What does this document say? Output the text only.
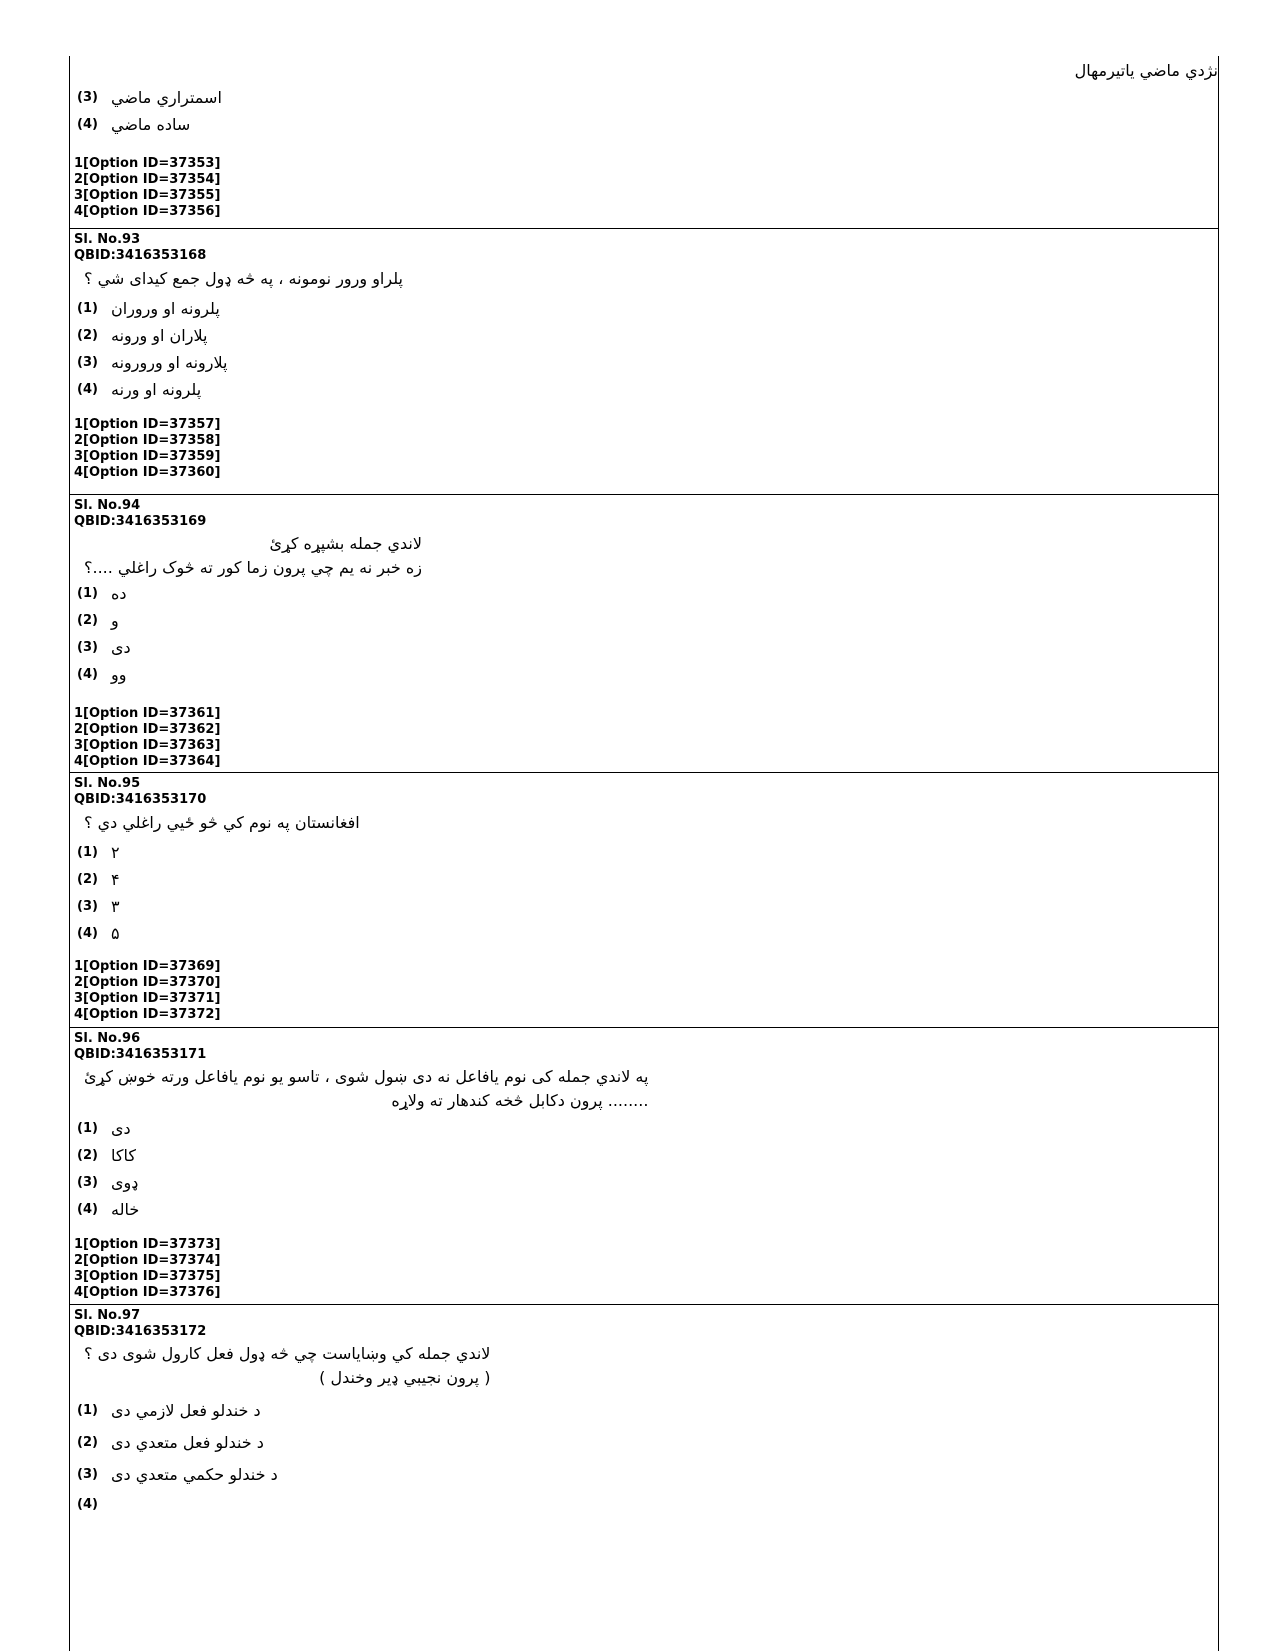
نژدي ماضي یاتیرمهال
(3) اسمتراري ماضي
(4) ساده ماضي
1[Option ID=37353]
2[Option ID=37354]
3[Option ID=37355]
4[Option ID=37356]
Sl. No.93
QBID:3416353168
پلراو ورور نومونه ، په څه ډول جمع کیدای شي ؟
(1) پلرونه او ورو‌ران
(2) پلاران او ورونه
(3) پلارونه او ورورونه
(4) پلرونه او ورنه
1[Option ID=37357]
2[Option ID=37358]
3[Option ID=37359]
4[Option ID=37360]
Sl. No.94
QBID:3416353169
لاندي جمله بشپړه کړئ
زه خبر نه یم چي پرون زما کور ته څوک راغلي ....؟
(1) ده
(2) و
(3) دی
(4) وو
1[Option ID=37361]
2[Option ID=37362]
3[Option ID=37363]
4[Option ID=37364]
Sl. No.95
QBID:3416353170
افغانستان په نوم کي څو ځیي راغلي دي ؟
(1) ۲
(2) ۴
(3) ۳
(4) ۵
1[Option ID=37369]
2[Option ID=37370]
3[Option ID=37371]
4[Option ID=37372]
Sl. No.96
QBID:3416353171
په لاندي جمله کی نوم یافاعل نه دی ښول شوی ، تاسو یو نوم یافاعل ورته خوښ کړئ
........ پرون دکابل څخه کندهار ته ولاړه
(1) دی
(2) کاکا
(3) ډوی
(4) خاله
1[Option ID=37373]
2[Option ID=37374]
3[Option ID=37375]
4[Option ID=37376]
Sl. No.97
QBID:3416353172
لاندي جمله کي وښایاست چي څه ډول فعل کارول شوی دی ؟
( پرون نجیبي ډیر وخندل )
(1) د خندلو فعل لازمي دی
(2) د خندلو فعل متعدي دی
(3) د خندلو حکمي متعدي دی
(4)
